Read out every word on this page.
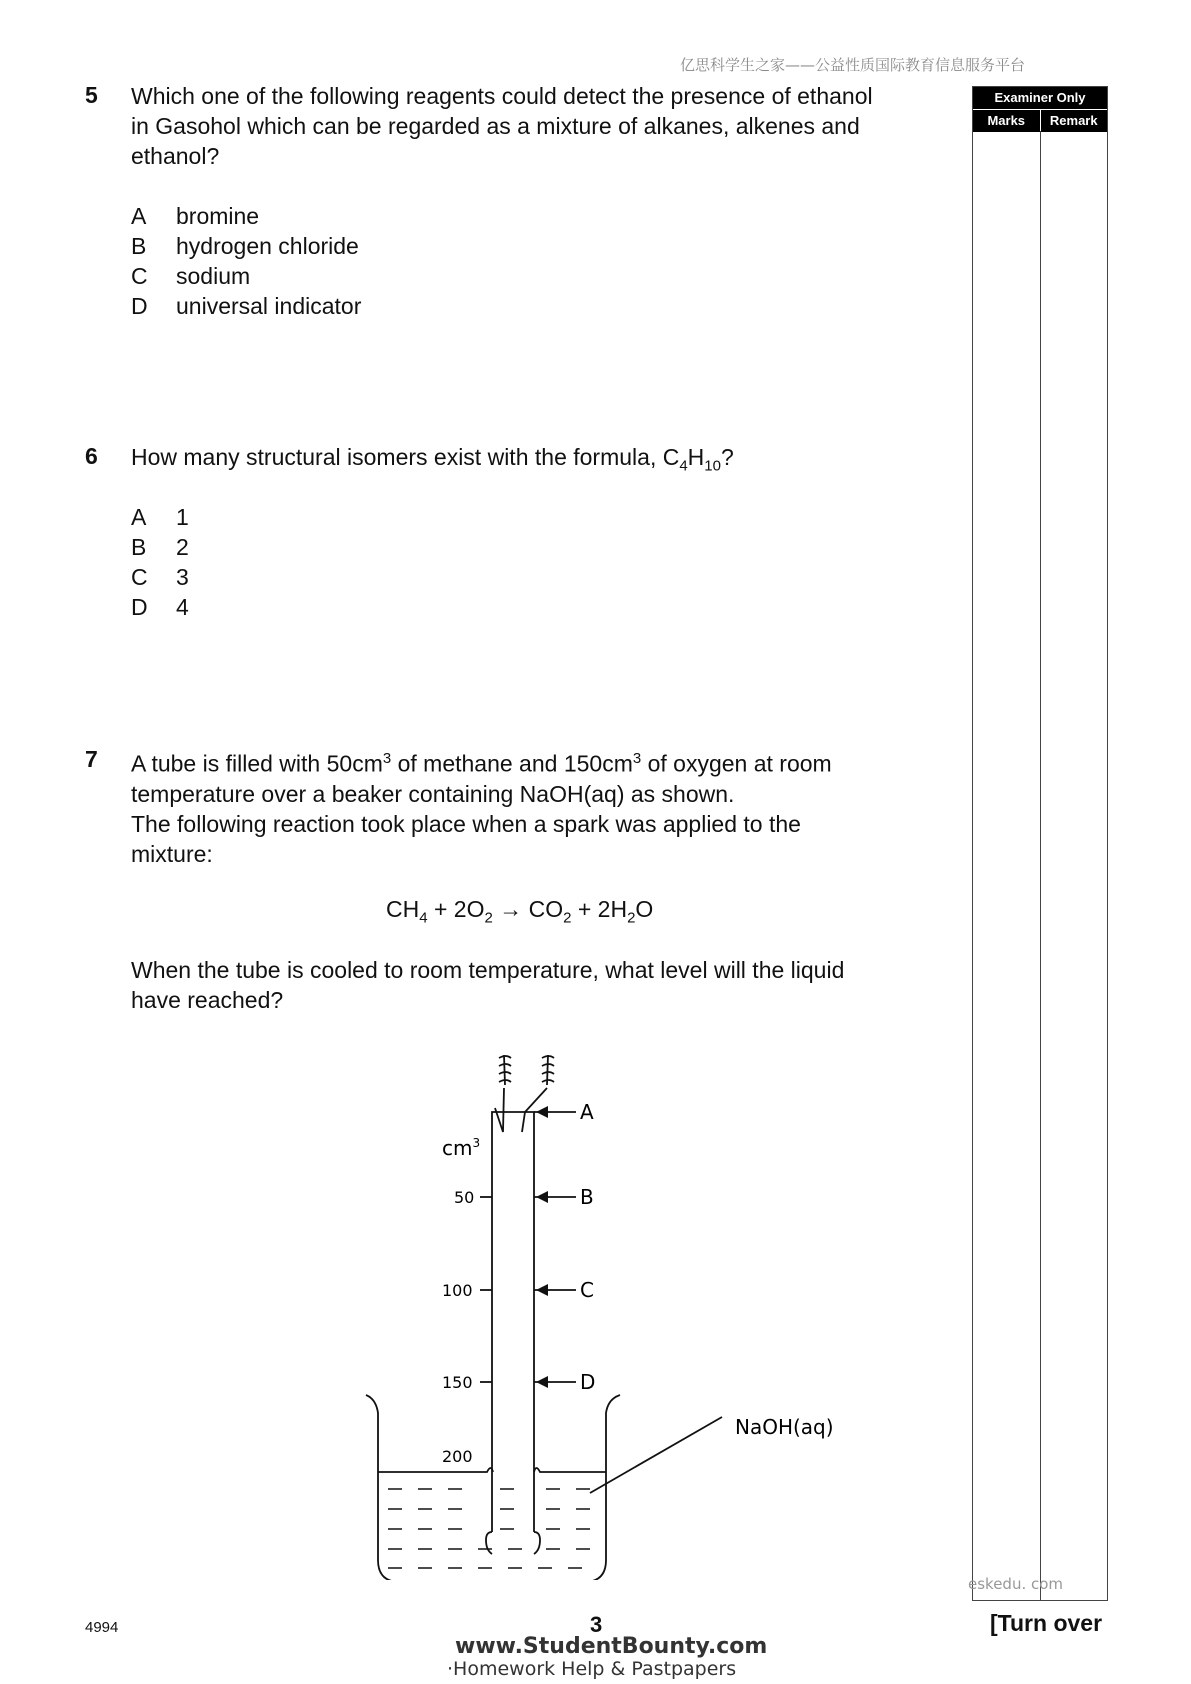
亿思科学生之家——公益性质国际教育信息服务平台
Examiner Only
Marks	Remark
5 Which one of the following reagents could detect the presence of ethanol
in Gasohol which can be regarded as a mixture of alkanes, alkenes and
ethanol?
A bromine
B hydrogen chloride
C sodium
D universal indicator
6 How many structural isomers exist with the formula, $C_4H_{10}$?
A 1
B 2
C 3
D 4
7 A tube is filled with $50cm^3$ of methane and $150cm^3$ of oxygen at room
temperature over a beaker containing NaOH(aq) as shown.
The following reaction took place when a spark was applied to the
mixture:
$CH_4 + 2O_2 \to CO_2 + 2H_2O$
When the tube is cooled to room temperature, what level will the liquid
have reached?
$cm^3$
50
100
150
200
A
B
C
D
NaOH(aq)
eskedu. com
4994	3	[Turn over
www.StudentBounty.com
·Homework Help & Pastpapers
